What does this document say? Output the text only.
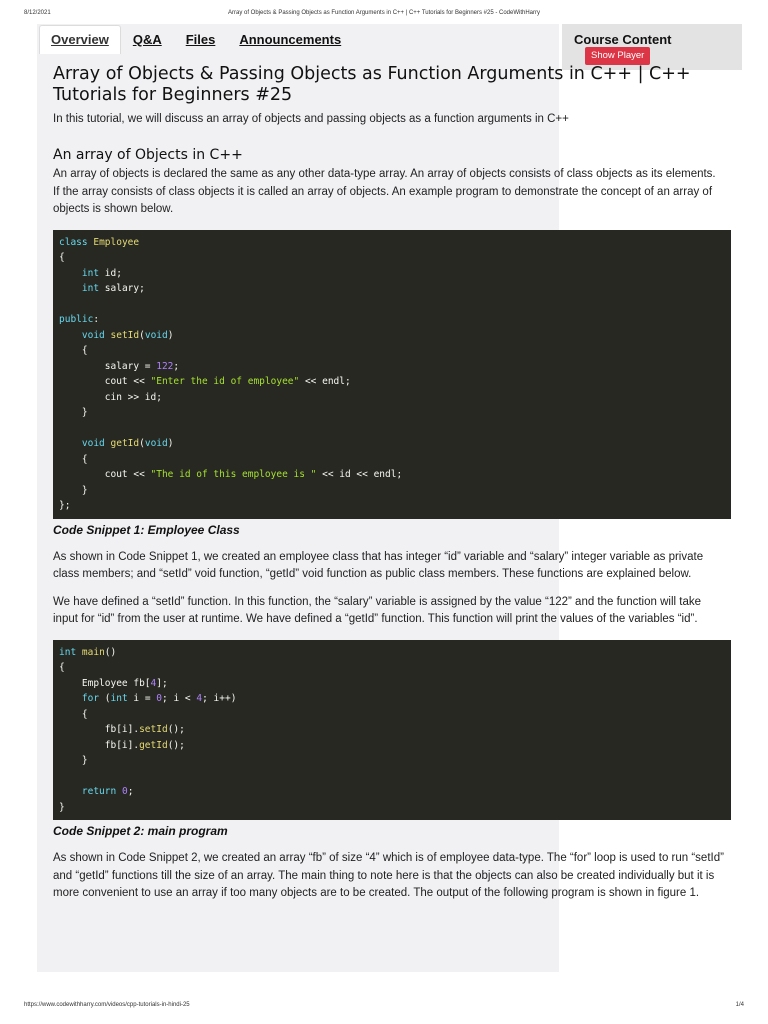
8/12/2021	Array of Objects & Passing Objects as Function Arguments in C++ | C++ Tutorials for Beginners #25 - CodeWithHarry
Overview	Q&A	Files	Announcements	Course Content
Show Player
Array of Objects & Passing Objects as Function Arguments in C++ | C++ Tutorials for Beginners #25

In this tutorial, we will discuss an array of objects and passing objects as a function arguments in C++

An array of Objects in C++

An array of objects is declared the same as any other data-type array. An array of objects consists of class objects as its elements. If the array consists of class objects it is called an array of objects. An example program to demonstrate the concept of an array of objects is shown below.

class Employee
{
int id;
int salary;
public:
void setId(void)
{
salary = 122;
cout << "Enter the id of employee" << endl;
cin >> id;
}
void getId(void)
{
cout << "The id of this employee is " << id << endl;
}
};

Code Snippet 1: Employee Class

As shown in Code Snippet 1, we created an employee class that has integer “id” variable and “salary” integer variable as private class members; and “setId” void function, “getId” void function as public class members. These functions are explained below.

We have defined a “setId” function. In this function, the “salary” variable is assigned by the value “122” and the function will take input for “id” from the user at runtime. We have defined a “getId” function. This function will print the values of the variables “id”.

int main()
{
Employee fb[4];
for (int i = 0; i < 4; i++)
{
fb[i].setId();
fb[i].getId();
}
return 0;
}

Code Snippet 2: main program

As shown in Code Snippet 2, we created an array “fb” of size “4” which is of employee data-type. The “for” loop is used to run “setId” and “getId” functions till the size of an array. The main thing to note here is that the objects can also be created individually but it is more convenient to use an array if too many objects are to be created. The output of the following program is shown in figure 1.

https://www.codewithharry.com/videos/cpp-tutorials-in-hindi-25	1/4
